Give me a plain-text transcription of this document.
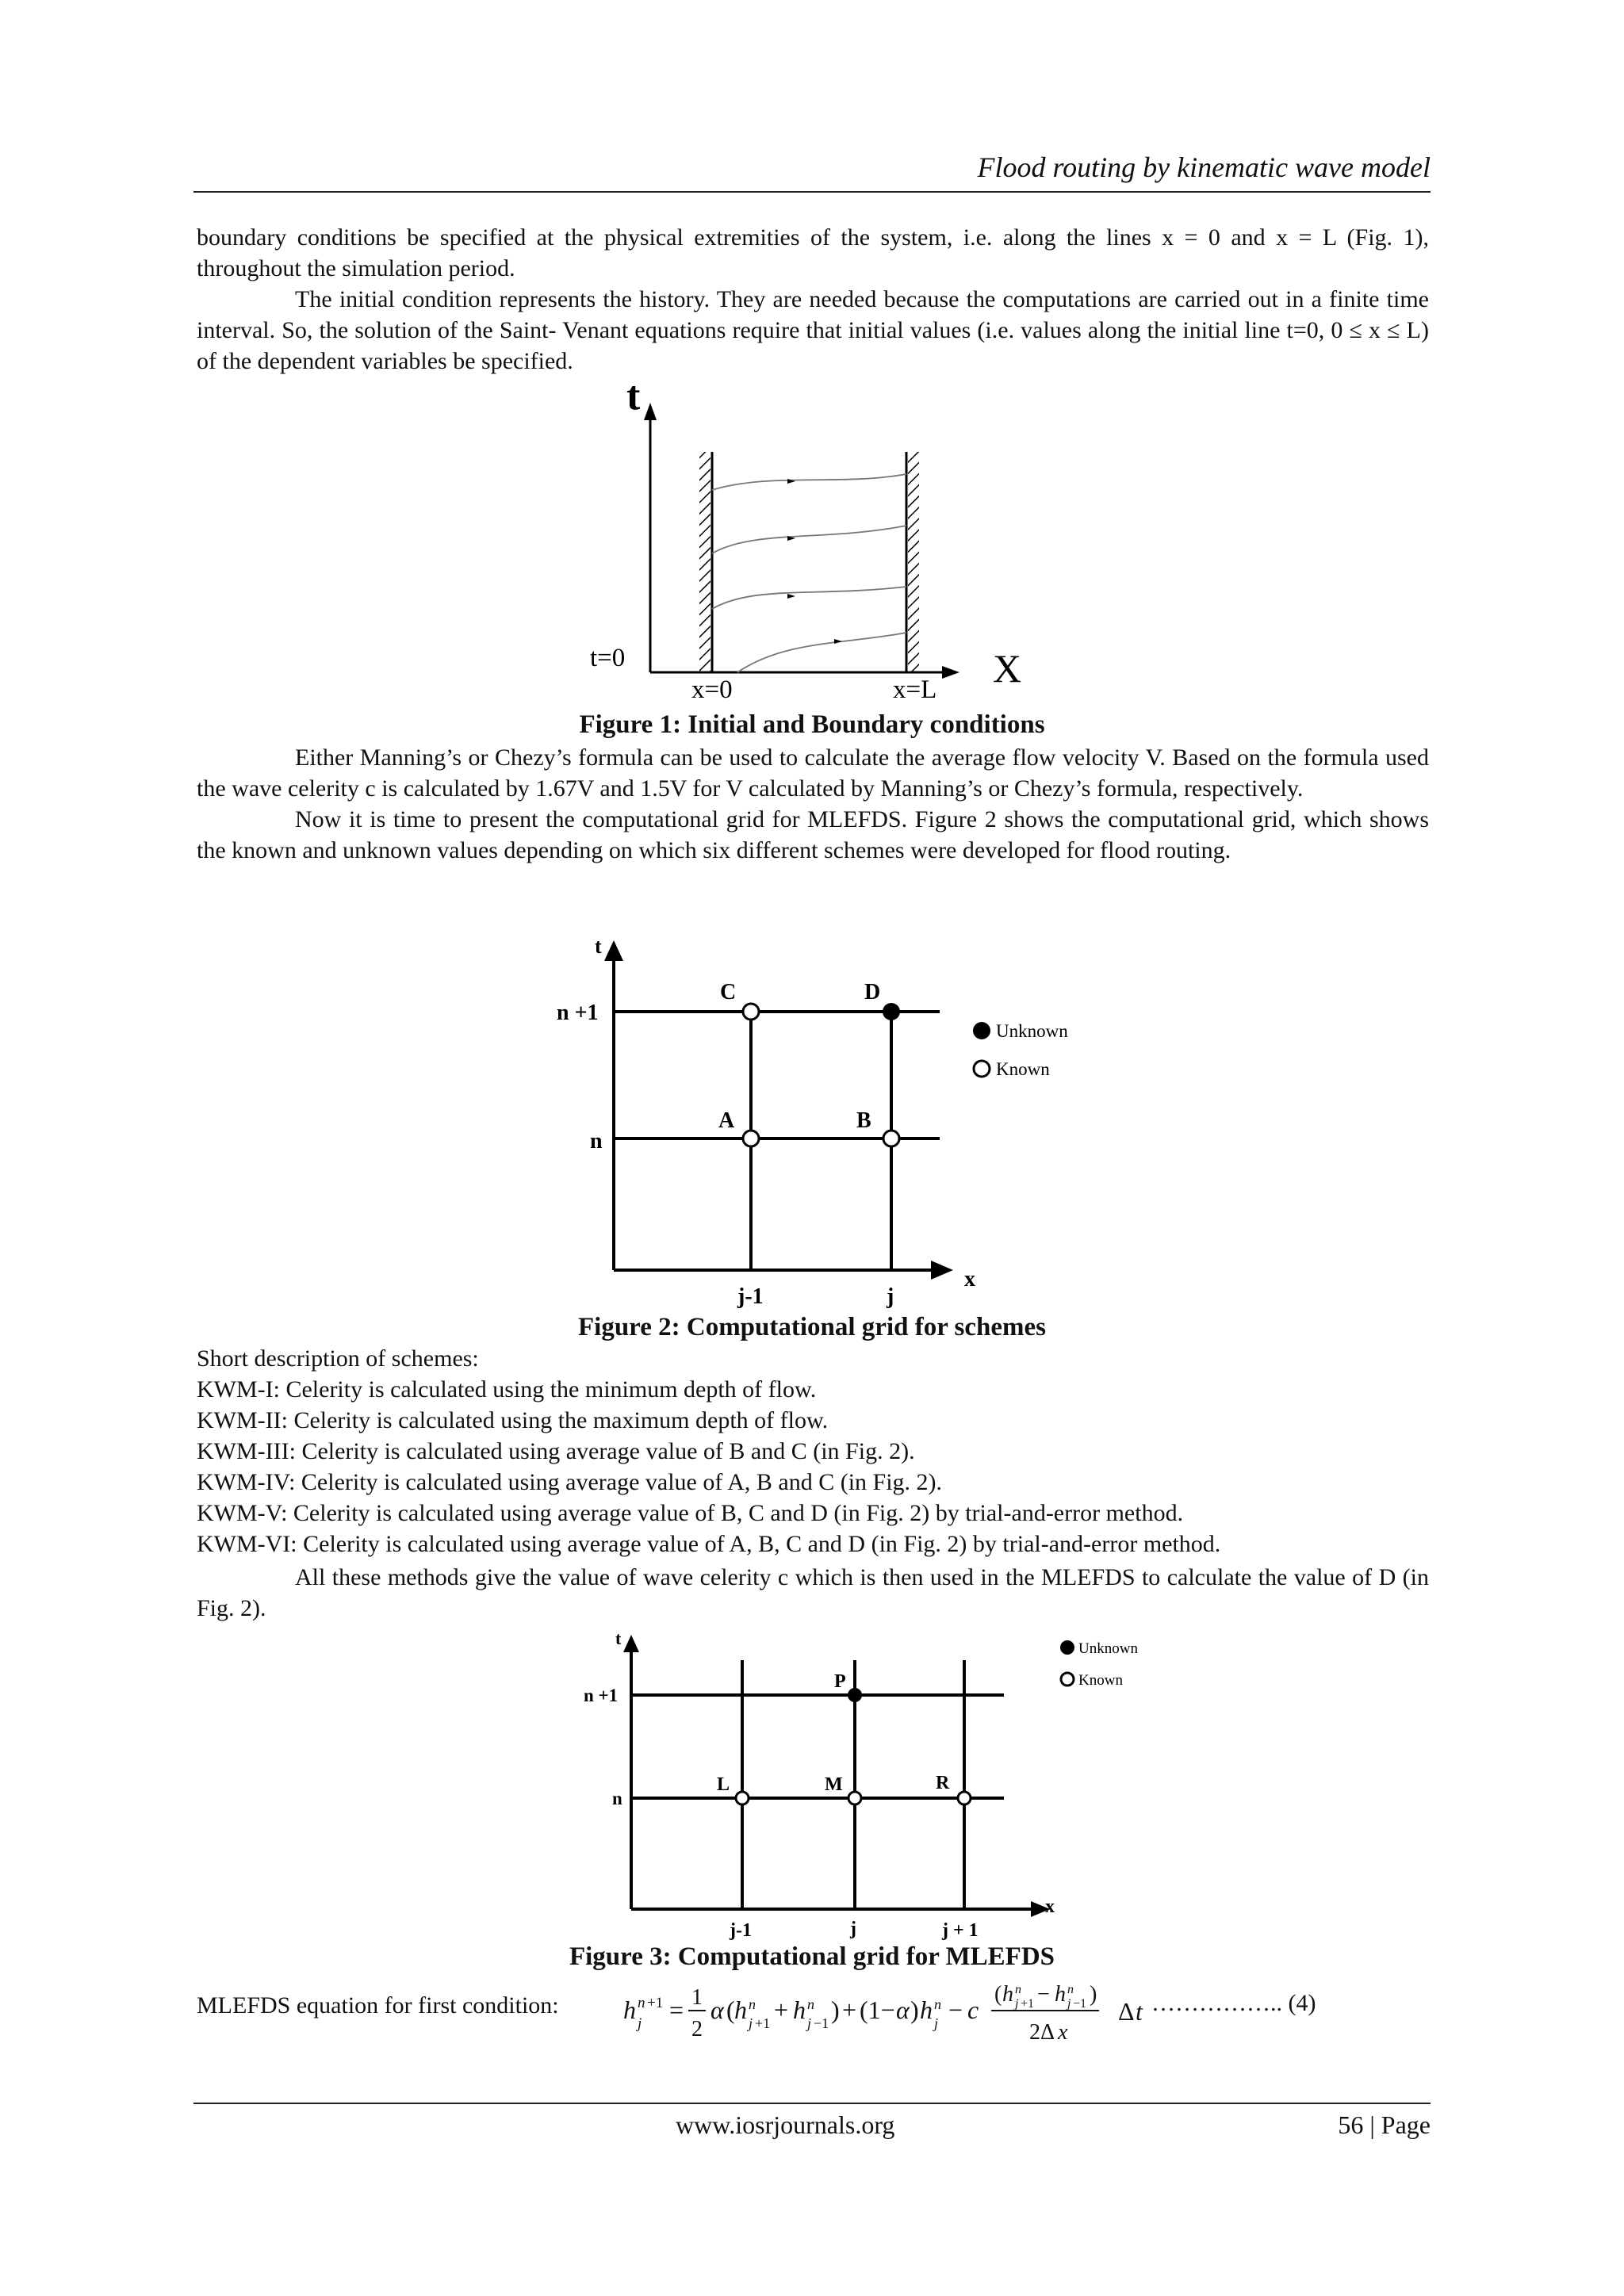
Flood routing by kinematic wave model

boundary conditions be specified at the physical extremities of the system, i.e. along the lines x = 0 and x = L (Fig. 1), throughout the simulation period.

The initial condition represents the history. They are needed because the computations are carried out in a finite time interval. So, the solution of the Saint- Venant equations require that initial values (i.e. values along the initial line t=0, 0 ≤ x ≤ L) of the dependent variables be specified.

t
X
t=0
x=0	x=L
Figure 1: Initial and Boundary conditions

Either Manning’s or Chezy’s formula can be used to calculate the average flow velocity V. Based on the formula used the wave celerity c is calculated by 1.67V and 1.5V for V calculated by Manning’s or Chezy’s formula, respectively.

Now it is time to present the computational grid for MLEFDS. Figure 2 shows the computational grid, which shows the known and unknown values depending on which six different schemes were developed for flood routing.

t
x
n +1
n
j-1	j
C	D
A	B
Unknown
Known
Figure 2: Computational grid for schemes
Short description of schemes:
KWM-I: Celerity is calculated using the minimum depth of flow.
KWM-II: Celerity is calculated using the maximum depth of flow.
KWM-III: Celerity is calculated using average value of B and C (in Fig. 2).
KWM-IV: Celerity is calculated using average value of A, B and C (in Fig. 2).
KWM-V: Celerity is calculated using average value of B, C and D (in Fig. 2) by trial-and-error method.
KWM-VI: Celerity is calculated using average value of A, B, C and D (in Fig. 2) by trial-and-error method.

All these methods give the value of wave celerity c which is then used in the MLEFDS to calculate the value of D (in Fig. 2).

t
x
n +1
n
j-1	j	j + 1
P
L	M	R
Unknown
Known
Figure 3: Computational grid for MLEFDS
MLEFDS equation for first condition:	h n +1
j = 1
2
α ( h n
j +1 + h n
j −1 ) + (1− α ) h n
j − c
( h n
j +1 − h n
j −1 )
2Δ x
Δ t …………….. (4)
www.iosrjournals.org	56 | Page
